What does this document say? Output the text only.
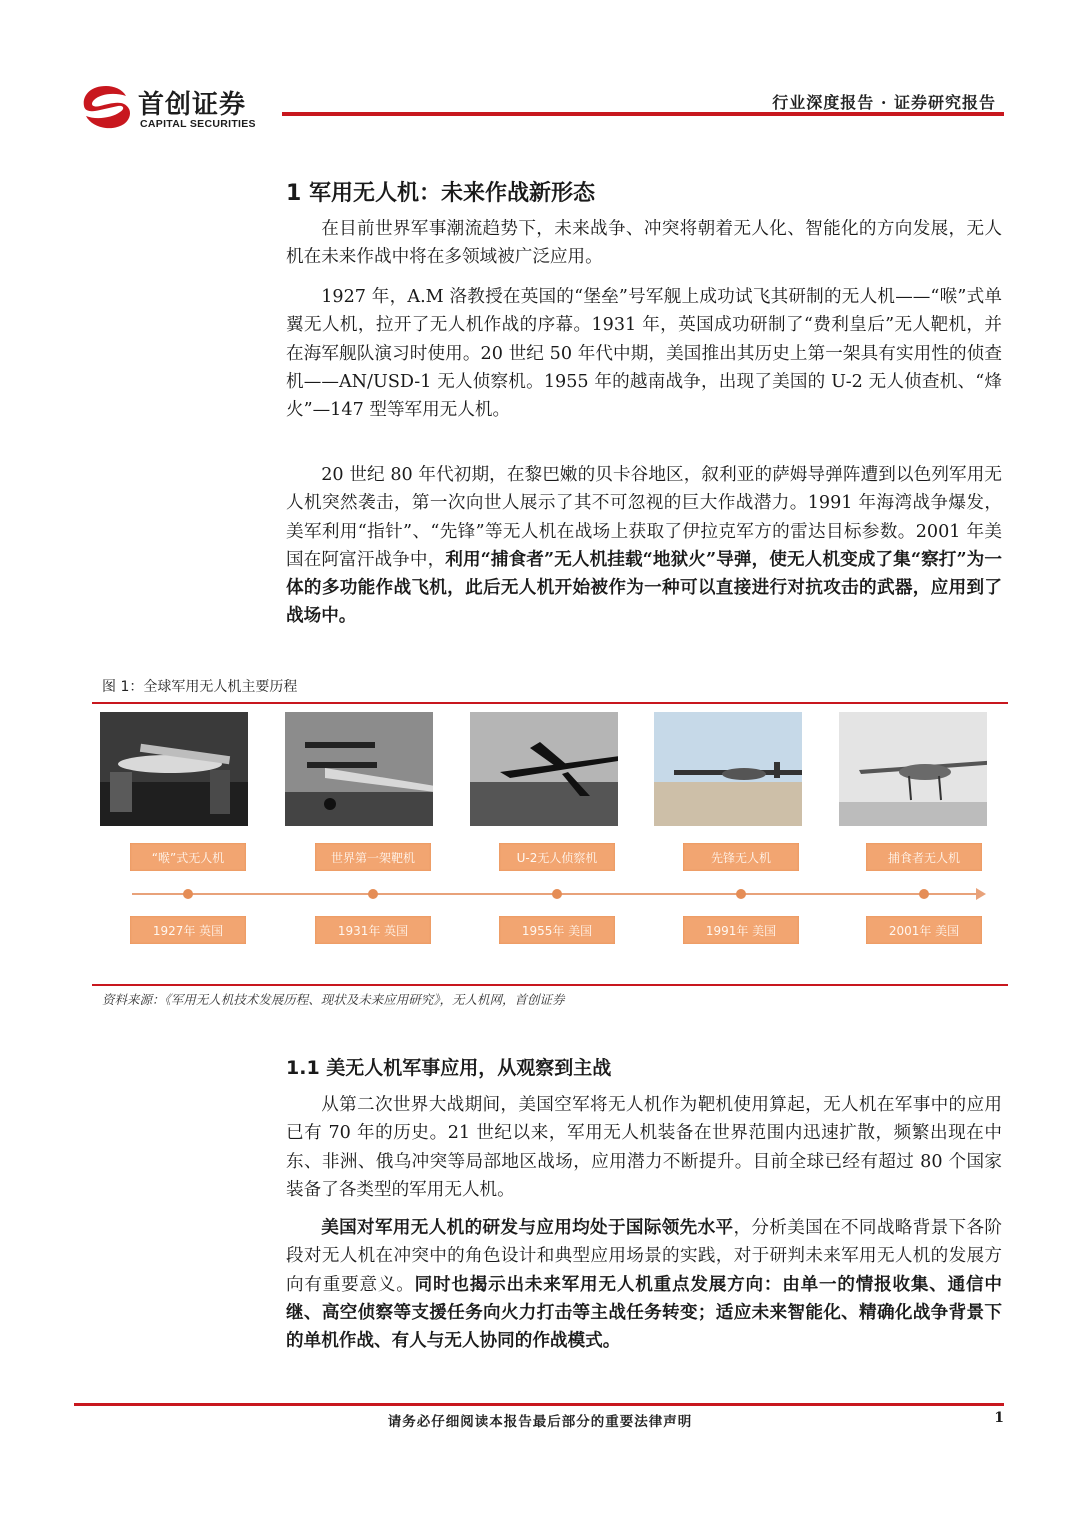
首创证券
CAPITAL SECURITIES
行业深度报告 · 证券研究报告
1 军用无人机：未来作战新形态

在目前世界军事潮流趋势下，未来战争、冲突将朝着无人化、智能化的方向发展，无人机在未来作战中将在多领域被广泛应用。

1927 年，A.M 洛教授在英国的“堡垒”号军舰上成功试飞其研制的无人机——“喉”式单翼无人机，拉开了无人机作战的序幕。1931 年，英国成功研制了“费利皇后”无人靶机，并在海军舰队演习时使用。20 世纪 50 年代中期，美国推出其历史上第一架具有实用性的侦查机——AN/USD-1 无人侦察机。1955 年的越南战争，出现了美国的 U-2 无人侦查机、“烽火”—147 型等军用无人机。

20 世纪 80 年代初期，在黎巴嫩的贝卡谷地区，叙利亚的萨姆导弹阵遭到以色列军用无人机突然袭击，第一次向世人展示了其不可忽视的巨大作战潜力。1991 年海湾战争爆发，美军利用“指针”、“先锋”等无人机在战场上获取了伊拉克军方的雷达目标参数。2001 年美国在阿富汗战争中，利用“捕食者”无人机挂载“地狱火”导弹，使无人机变成了集“察打”为一体的多功能作战飞机，此后无人机开始被作为一种可以直接进行对抗攻击的武器，应用到了战场中。

图 1：全球军用无人机主要历程
“喉”式无人机	世界第一架靶机	U-2无人侦察机	先锋无人机	捕食者无人机
1927年 英国	1931年 英国	1955年 美国	1991年 美国	2001年 美国
资料来源：《军用无人机技术发展历程、现状及未来应用研究》，无人机网，首创证券
1.1 美无人机军事应用，从观察到主战

从第二次世界大战期间，美国空军将无人机作为靶机使用算起，无人机在军事中的应用已有 70 年的历史。21 世纪以来，军用无人机装备在世界范围内迅速扩散，频繁出现在中东、非洲、俄乌冲突等局部地区战场，应用潜力不断提升。目前全球已经有超过 80 个国家装备了各类型的军用无人机。

美国对军用无人机的研发与应用均处于国际领先水平，分析美国在不同战略背景下各阶段对无人机在冲突中的角色设计和典型应用场景的实践，对于研判未来军用无人机的发展方向有重要意义。同时也揭示出未来军用无人机重点发展方向：由单一的情报收集、通信中继、高空侦察等支援任务向火力打击等主战任务转变；适应未来智能化、精确化战争背景下的单机作战、有人与无人协同的作战模式。

请务必仔细阅读本报告最后部分的重要法律声明	1
